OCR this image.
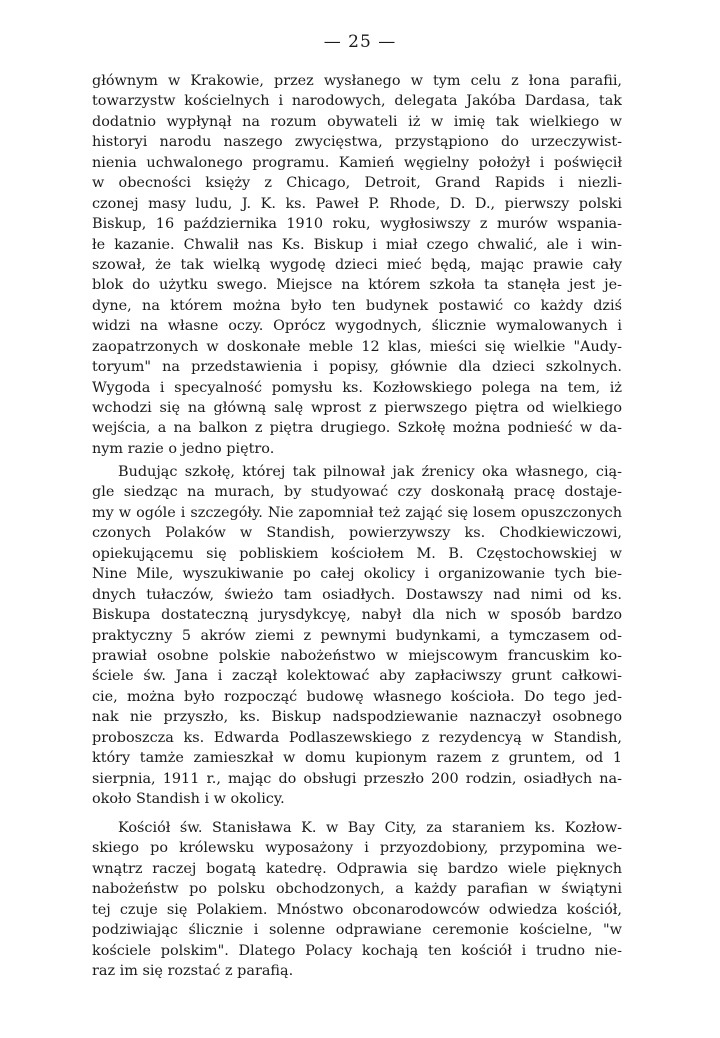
— 25 —
głównym w Krakowie, przez wysłanego w tym celu z łona parafii,
towarzystw kościelnych i narodowych, delegata Jakóba Dardasa, tak
dodatnio wypłynął na rozum obywateli iż w imię tak wielkiego w
historyi narodu naszego zwycięstwa, przystąpiono do urzeczywist-
nienia uchwalonego programu. Kamień węgielny położył i poświęcił
w obecności księży z Chicago, Detroit, Grand Rapids i niezli-
czonej masy ludu, J. K. ks. Paweł P. Rhode, D. D., pierwszy polski
Biskup, 16 października 1910 roku, wygłosiwszy z murów wspania-
łe kazanie. Chwalił nas Ks. Biskup i miał czego chwalić, ale i win-
szował, że tak wielką wygodę dzieci mieć będą, mając prawie cały
blok do użytku swego. Miejsce na którem szkoła ta stanęła jest je-
dyne, na którem można było ten budynek postawić co każdy dziś
widzi na własne oczy. Oprócz wygodnych, ślicznie wymalowanych i
zaopatrzonych w doskonałe meble 12 klas, mieści się wielkie "Audy-
toryum" na przedstawienia i popisy, głównie dla dzieci szkolnych.
Wygoda i specyalność pomysłu ks. Kozłowskiego polega na tem, iż
wchodzi się na główną salę wprost z pierwszego piętra od wielkiego
wejścia, a na balkon z piętra drugiego. Szkołę można podnieść w da-
nym razie o jedno piętro.
Budując szkołę, której tak pilnował jak źrenicy oka własnego, cią-
gle siedząc na murach, by studyować czy doskonałą pracę dostaje-
my w ogóle i szczegóły. Nie zapomniał też zająć się losem opuszczonych
czonych Polaków w Standish, powierzywszy ks. Chodkiewiczowi,
opiekującemu się pobliskiem kościołem M. B. Częstochowskiej w
Nine Mile, wyszukiwanie po całej okolicy i organizowanie tych bie-
dnych tułaczów, świeżo tam osiadłych. Dostawszy nad nimi od ks.
Biskupa dostateczną jurysdykcyę, nabył dla nich w sposób bardzo
praktyczny 5 akrów ziemi z pewnymi budynkami, a tymczasem od-
prawiał osobne polskie nabożeństwo w miejscowym francuskim ko-
ściele św. Jana i zaczął kolektować aby zapłaciwszy grunt całkowi-
cie, można było rozpocząć budowę własnego kościoła. Do tego jed-
nak nie przyszło, ks. Biskup nadspodziewanie naznaczył osobnego
proboszcza ks. Edwarda Podlaszewskiego z rezydencyą w Standish,
który tamże zamieszkał w domu kupionym razem z gruntem, od 1
sierpnia, 1911 r., mając do obsługi przeszło 200 rodzin, osiadłych na-
około Standish i w okolicy.
Kościół św. Stanisława K. w Bay City, za staraniem ks. Kozłow-
skiego po królewsku wyposażony i przyozdobiony, przypomina we-
wnątrz raczej bogatą katedrę. Odprawia się bardzo wiele pięknych
nabożeństw po polsku obchodzonych, a każdy parafian w świątyni
tej czuje się Polakiem. Mnóstwo obconarodowców odwiedza kościół,
podziwiając ślicznie i solenne odprawiane ceremonie kościelne, "w
kościele polskim". Dlatego Polacy kochają ten kościół i trudno nie-
raz im się rozstać z parafią.
